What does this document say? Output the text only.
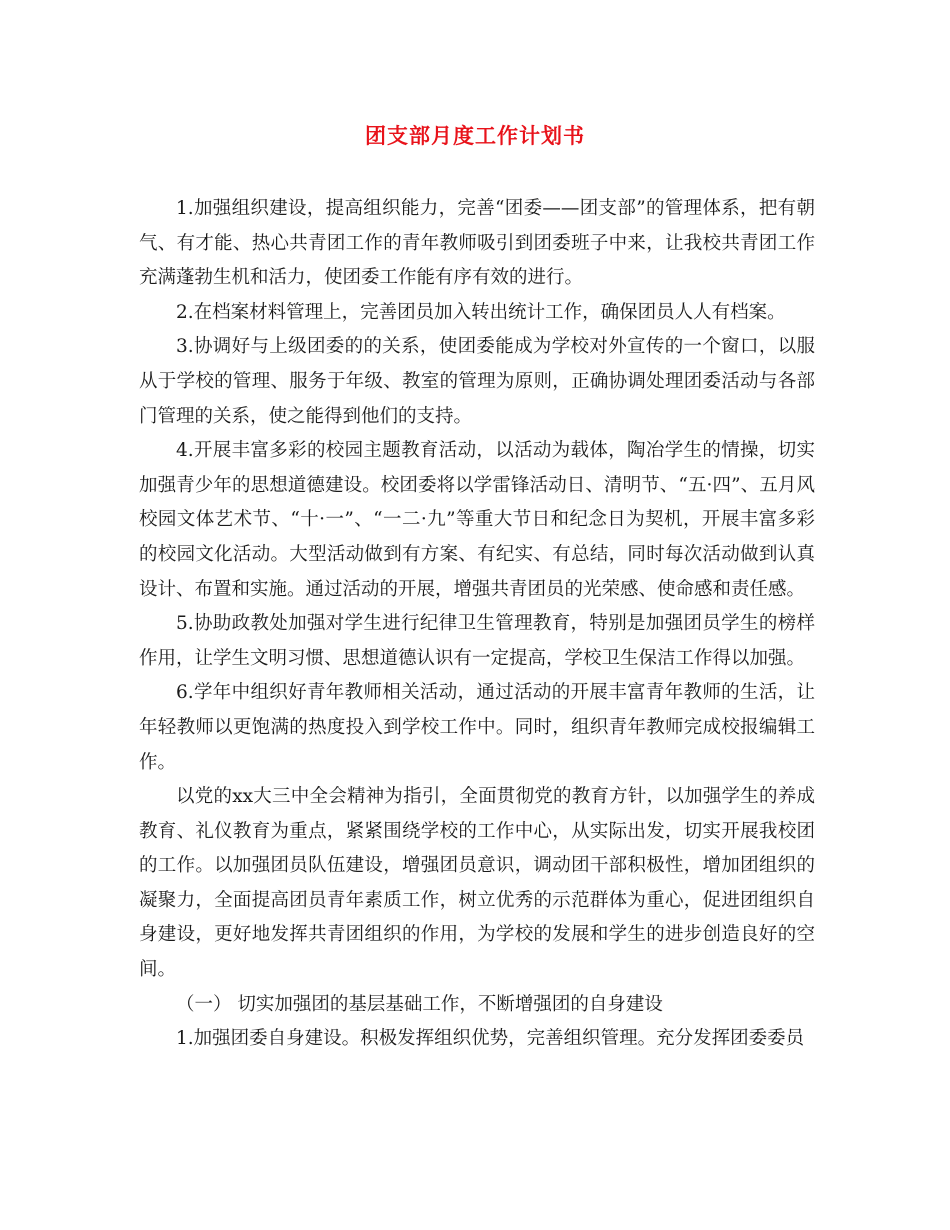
团支部月度工作计划书

1.加强组织建设，提高组织能力，完善“团委——团支部”的管理体系，把有朝气、有才能、热心共青团工作的青年教师吸引到团委班子中来，让我校共青团工作充满蓬勃生机和活力，使团委工作能有序有效的进行。

2.在档案材料管理上，完善团员加入转出统计工作，确保团员人人有档案。

3.协调好与上级团委的的关系，使团委能成为学校对外宣传的一个窗口，以服从于学校的管理、服务于年级、教室的管理为原则，正确协调处理团委活动与各部门管理的关系，使之能得到他们的支持。

4.开展丰富多彩的校园主题教育活动，以活动为载体，陶冶学生的情操，切实加强青少年的思想道德建设。校团委将以学雷锋活动日、清明节、“五·四”、五月风校园文体艺术节、“十·一”、“一二·九”等重大节日和纪念日为契机，开展丰富多彩的校园文化活动。大型活动做到有方案、有纪实、有总结，同时每次活动做到认真设计、布置和实施。通过活动的开展，增强共青团员的光荣感、使命感和责任感。

5.协助政教处加强对学生进行纪律卫生管理教育，特别是加强团员学生的榜样作用，让学生文明习惯、思想道德认识有一定提高，学校卫生保洁工作得以加强。

6.学年中组织好青年教师相关活动，通过活动的开展丰富青年教师的生活，让年轻教师以更饱满的热度投入到学校工作中。同时，组织青年教师完成校报编辑工作。

以党的xx大三中全会精神为指引，全面贯彻党的教育方针，以加强学生的养成教育、礼仪教育为重点，紧紧围绕学校的工作中心，从实际出发，切实开展我校团的工作。以加强团员队伍建设，增强团员意识，调动团干部积极性，增加团组织的凝聚力，全面提高团员青年素质工作，树立优秀的示范群体为重心，促进团组织自身建设，更好地发挥共青团组织的作用，为学校的发展和学生的进步创造良好的空间。

（一） 切实加强团的基层基础工作，不断增强团的自身建设

1.加强团委自身建设。积极发挥组织优势，完善组织管理。充分发挥团委委员
